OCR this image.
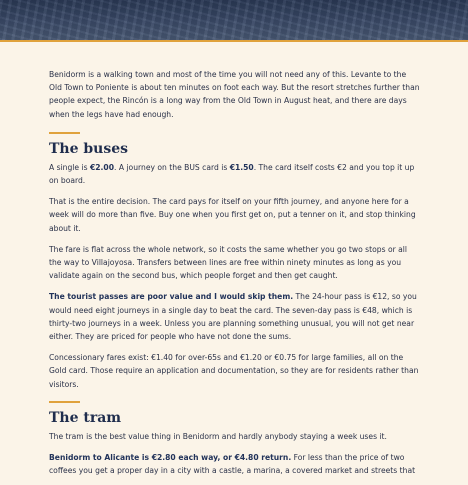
Benidorm is a walking town and most of the time you will not need any of this. Levante to the Old Town to Poniente is about ten minutes on foot each way. But the resort stretches further than people expect, the Rincón is a long way from the Old Town in August heat, and there are days when the legs have had enough.

The buses

A single is €2.00. A journey on the BUS card is €1.50. The card itself costs €2 and you top it up on board.

That is the entire decision. The card pays for itself on your fifth journey, and anyone here for a week will do more than five. Buy one when you first get on, put a tenner on it, and stop thinking about it.

The fare is flat across the whole network, so it costs the same whether you go two stops or all the way to Villajoyosa. Transfers between lines are free within ninety minutes as long as you validate again on the second bus, which people forget and then get caught.

The tourist passes are poor value and I would skip them. The 24-hour pass is €12, so you would need eight journeys in a single day to beat the card. The seven-day pass is €48, which is thirty-two journeys in a week. Unless you are planning something unusual, you will not get near either. They are priced for people who have not done the sums.

Concessionary fares exist: €1.40 for over-65s and €1.20 or €0.75 for large families, all on the Gold card. Those require an application and documentation, so they are for residents rather than visitors.

The tram

The tram is the best value thing in Benidorm and hardly anybody staying a week uses it.

Benidorm to Alicante is €2.80 each way, or €4.80 return. For less than the price of two coffees you get a proper day in a city with a castle, a marina, a covered market and streets that
